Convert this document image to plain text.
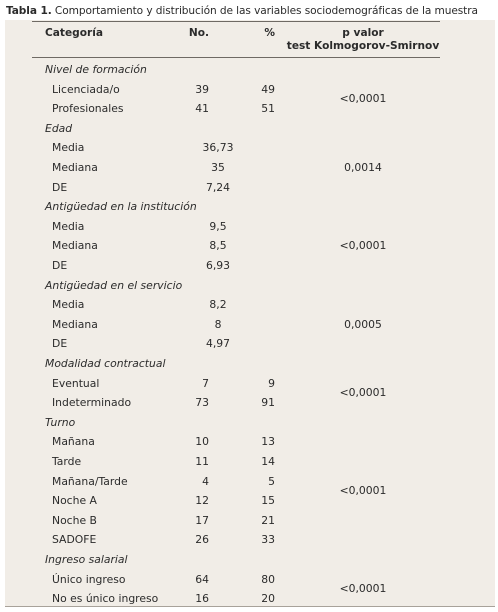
Tabla 1. Comportamiento y distribución de las variables sociodemográficas de la muestra
Categoría	No.	%	p valor
test Kolmogorov-Smirnov
Nivel de formación
Licenciada/o	39	49
Profesionales	41	51
<0,0001
Edad
Media	36,73
Mediana	35
DE	7,24
0,0014
Antigüedad en la institución
Media	9,5
Mediana	8,5
DE	6,93
<0,0001
Antigüedad en el servicio
Media	8,2
Mediana	8
DE	4,97
0,0005
Modalidad contractual
Eventual	7	9
Indeterminado	73	91
<0,0001
Turno
Mañana	10	13
Tarde	11	14
Mañana/Tarde	4	5
Noche A	12	15
Noche B	17	21
SADOFE	26	33
<0,0001
Ingreso salarial
Único ingreso	64	80
No es único ingreso	16	20
<0,0001
